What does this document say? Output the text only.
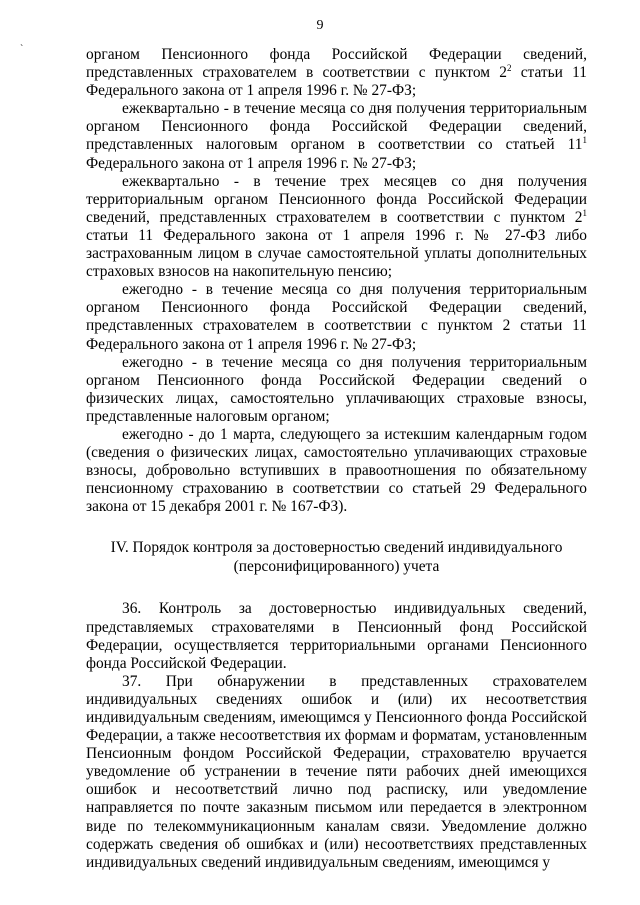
9
`	органом Пенсионного фонда Российской Федерации сведений, представленных страхователем в соответствии с пунктом $2^2$ статьи 11 Федерального закона от 1 апреля 1996 г. № 27-ФЗ;

ежеквартально - в течение месяца со дня получения территориальным органом Пенсионного фонда Российской Федерации сведений, представленных налоговым органом в соответствии со статьей $11^1$ Федерального закона от 1 апреля 1996 г. № 27-ФЗ;

ежеквартально - в течение трех месяцев со дня получения территориальным органом Пенсионного фонда Российской Федерации сведений, представленных страхователем в соответствии с пунктом $2^1$ статьи 11 Федерального закона от 1 апреля 1996 г. № 27-ФЗ либо застрахованным лицом в случае самостоятельной уплаты дополнительных страховых взносов на накопительную пенсию;

ежегодно - в течение месяца со дня получения территориальным органом Пенсионного фонда Российской Федерации сведений, представленных страхователем в соответствии с пунктом 2 статьи 11 Федерального закона от 1 апреля 1996 г. № 27-ФЗ;

ежегодно - в течение месяца со дня получения территориальным органом Пенсионного фонда Российской Федерации сведений о физических лицах, самостоятельно уплачивающих страховые взносы, представленные налоговым органом;

ежегодно - до 1 марта, следующего за истекшим календарным годом (сведения о физических лицах, самостоятельно уплачивающих страховые взносы, добровольно вступивших в правоотношения по обязательному пенсионному страхованию в соответствии со статьей 29 Федерального закона от 15 декабря 2001 г. № 167-ФЗ).

IV. Порядок контроля за достоверностью сведений индивидуального
(персонифицированного) учета

36. Контроль за достоверностью индивидуальных сведений, представляемых страхователями в Пенсионный фонд Российской Федерации, осуществляется территориальными органами Пенсионного фонда Российской Федерации.

37. При обнаружении в представленных страхователем индивидуальных сведениях ошибок и (или) их несоответствия индивидуальным сведениям, имеющимся у Пенсионного фонда Российской Федерации, а также несоответствия их формам и форматам, установленным Пенсионным фондом Российской Федерации, страхователю вручается уведомление об устранении в течение пяти рабочих дней имеющихся ошибок и несоответствий лично под расписку, или уведомление направляется по почте заказным письмом или передается в электронном виде по телекоммуникационным каналам связи. Уведомление должно содержать сведения об ошибках и (или) несоответствиях представленных индивидуальных сведений индивидуальным сведениям, имеющимся у
